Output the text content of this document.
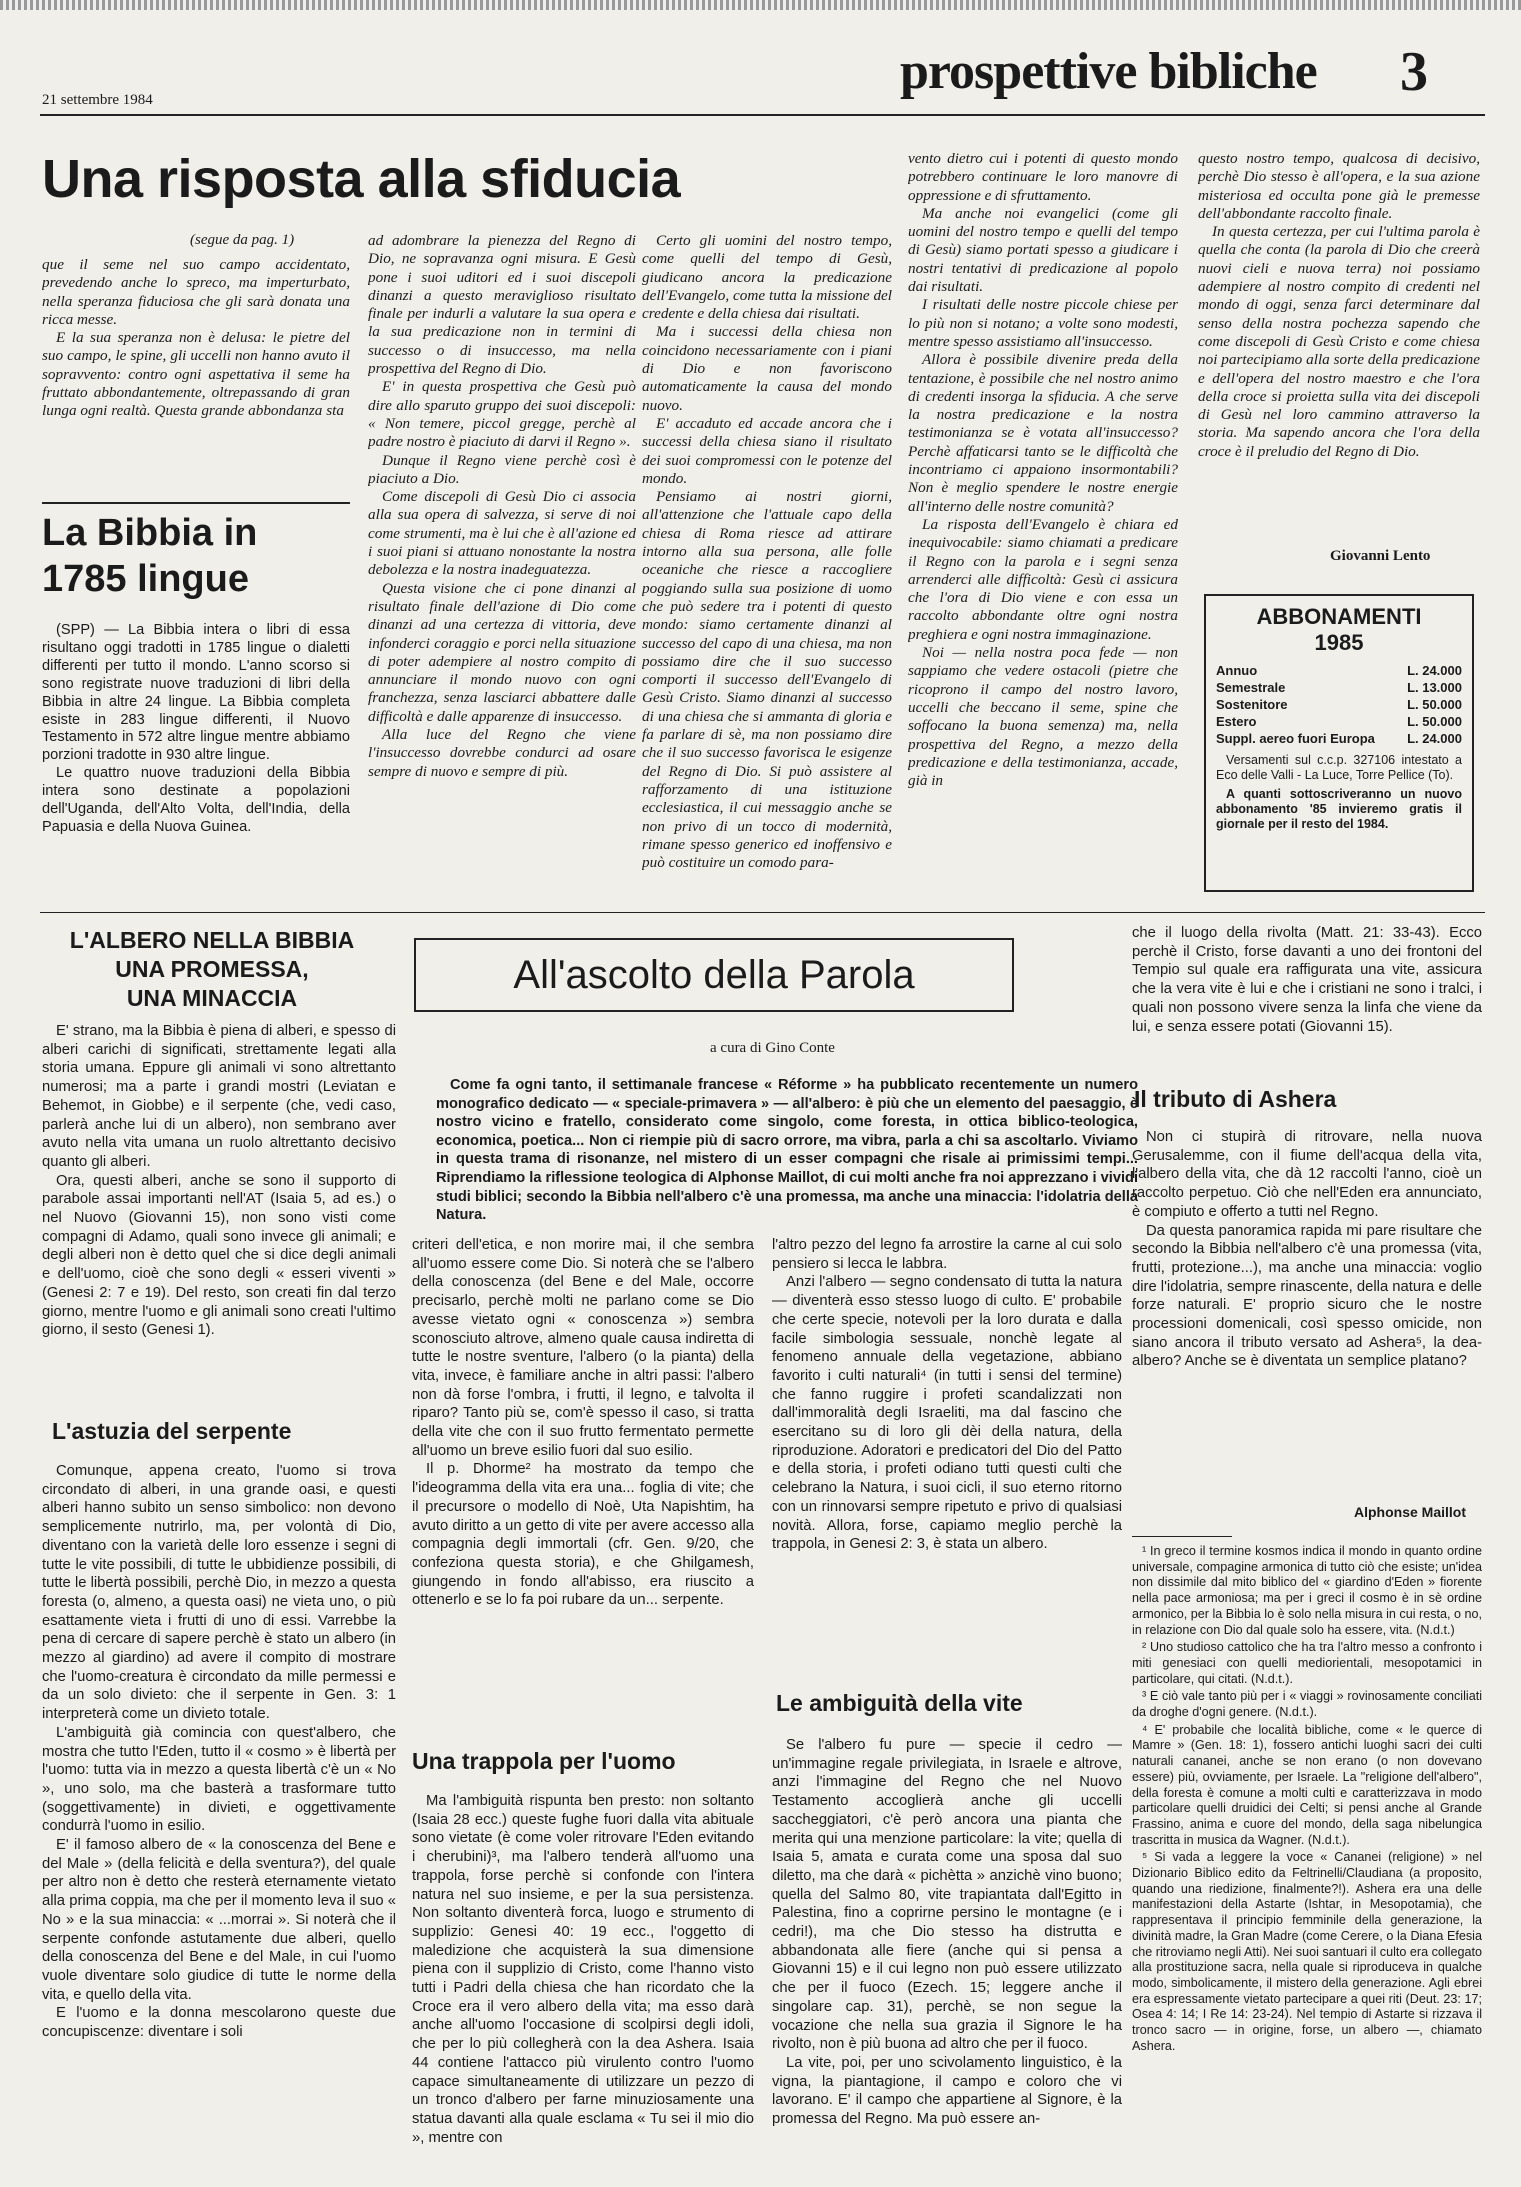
21 settembre 1984	prospettive bibliche 3
Una risposta alla sfiducia
(segue da pag. 1)

que il seme nel suo campo accidentato, prevedendo anche lo spreco, ma imperturbato, nella speranza fiduciosa che gli sarà donata una ricca messe.

E la sua speranza non è delusa: le pietre del suo campo, le spine, gli uccelli non hanno avuto il sopravvento: contro ogni aspettativa il seme ha fruttato abbondantemente, oltrepassando di gran lunga ogni realtà. Questa grande abbondanza sta

ad adombrare la pienezza del Regno di Dio, ne sopravanza ogni misura. E Gesù pone i suoi uditori ed i suoi discepoli dinanzi a questo meraviglioso risultato finale per indurli a valutare la sua opera e la sua predicazione non in termini di successo o di insuccesso, ma nella prospettiva del Regno di Dio.

E' in questa prospettiva che Gesù può dire allo sparuto gruppo dei suoi discepoli: « Non temere, piccol gregge, perchè al padre nostro è piaciuto di darvi il Regno ».

Dunque il Regno viene perchè così è piaciuto a Dio.

Come discepoli di Gesù Dio ci associa alla sua opera di salvezza, si serve di noi come strumenti, ma è lui che è all'azione ed i suoi piani si attuano nonostante la nostra debolezza e la nostra inadeguatezza.

Questa visione che ci pone dinanzi al risultato finale dell'azione di Dio come dinanzi ad una certezza di vittoria, deve infonderci coraggio e porci nella situazione di poter adempiere al nostro compito di annunciare il mondo nuovo con ogni franchezza, senza lasciarci abbattere dalle difficoltà e dalle apparenze di insuccesso.

Alla luce del Regno che viene l'insuccesso dovrebbe condurci ad osare sempre di nuovo e sempre di più.

Certo gli uomini del nostro tempo, come quelli del tempo di Gesù, giudicano ancora la predicazione dell'Evangelo, come tutta la missione del credente e della chiesa dai risultati.

Ma i successi della chiesa non coincidono necessariamente con i piani di Dio e non favoriscono automaticamente la causa del mondo nuovo.

E' accaduto ed accade ancora che i successi della chiesa siano il risultato dei suoi compromessi con le potenze del mondo.

Pensiamo ai nostri giorni, all'attenzione che l'attuale capo della chiesa di Roma riesce ad attirare intorno alla sua persona, alle folle oceaniche che riesce a raccogliere poggiando sulla sua posizione di uomo che può sedere tra i potenti di questo mondo: siamo certamente dinanzi al successo del capo di una chiesa, ma non possiamo dire che il suo successo comporti il successo dell'Evangelo di Gesù Cristo. Siamo dinanzi al successo di una chiesa che si ammanta di gloria e fa parlare di sè, ma non possiamo dire che il suo successo favorisca le esigenze del Regno di Dio. Si può assistere al rafforzamento di una istituzione ecclesiastica, il cui messaggio anche se non privo di un tocco di modernità, rimane spesso generico ed inoffensivo e può costituire un comodo para-

vento dietro cui i potenti di questo mondo potrebbero continuare le loro manovre di oppressione e di sfruttamento.

Ma anche noi evangelici (come gli uomini del nostro tempo e quelli del tempo di Gesù) siamo portati spesso a giudicare i nostri tentativi di predicazione al popolo dai risultati.

I risultati delle nostre piccole chiese per lo più non si notano; a volte sono modesti, mentre spesso assistiamo all'insuccesso.

Allora è possibile divenire preda della tentazione, è possibile che nel nostro animo di credenti insorga la sfiducia. A che serve la nostra predicazione e la nostra testimonianza se è votata all'insuccesso? Perchè affaticarsi tanto se le difficoltà che incontriamo ci appaiono insormontabili? Non è meglio spendere le nostre energie all'interno delle nostre comunità?

La risposta dell'Evangelo è chiara ed inequivocabile: siamo chiamati a predicare il Regno con la parola e i segni senza arrenderci alle difficoltà: Gesù ci assicura che l'ora di Dio viene e con essa un raccolto abbondante oltre ogni nostra preghiera e ogni nostra immaginazione.

Noi — nella nostra poca fede — non sappiamo che vedere ostacoli (pietre che ricoprono il campo del nostro lavoro, uccelli che beccano il seme, spine che soffocano la buona semenza) ma, nella prospettiva del Regno, a mezzo della predicazione e della testimonianza, accade, già in

questo nostro tempo, qualcosa di decisivo, perchè Dio stesso è all'opera, e la sua azione misteriosa ed occulta pone già le premesse dell'abbondante raccolto finale.

In questa certezza, per cui l'ultima parola è quella che conta (la parola di Dio che creerà nuovi cieli e nuova terra) noi possiamo adempiere al nostro compito di credenti nel mondo di oggi, senza farci determinare dal senso della nostra pochezza sapendo che come discepoli di Gesù Cristo e come chiesa noi partecipiamo alla sorte della predicazione e dell'opera del nostro maestro e che l'ora della croce si proietta sulla vita dei discepoli di Gesù nel loro cammino attraverso la storia. Ma sapendo ancora che l'ora della croce è il preludio del Regno di Dio.

Giovanni Lento
La Bibbia in
1785 lingue

(SPP) — La Bibbia intera o libri di essa risultano oggi tradotti in 1785 lingue o dialetti differenti per tutto il mondo. L'anno scorso si sono registrate nuove traduzioni di libri della Bibbia in altre 24 lingue. La Bibbia completa esiste in 283 lingue differenti, il Nuovo Testamento in 572 altre lingue mentre abbiamo porzioni tradotte in 930 altre lingue.

Le quattro nuove traduzioni della Bibbia intera sono destinate a popolazioni dell'Uganda, dell'Alto Volta, dell'India, della Papuasia e della Nuova Guinea.

ABBONAMENTI
1985
Annuo	L. 24.000
Semestrale	L. 13.000
Sostenitore	L. 50.000
Estero	L. 50.000
Suppl. aereo fuori Europa L. 24.000
Versamenti sul c.c.p. 327106 intestato a Eco delle Valli - La Luce, Torre Pellice (To).
A quanti sottoscriveranno un nuovo abbonamento '85 invieremo gratis il giornale per il resto del 1984.
L'ALBERO NELLA BIBBIA
UNA PROMESSA,
UNA MINACCIA

E' strano, ma la Bibbia è piena di alberi, e spesso di alberi carichi di significati, strettamente legati alla storia umana. Eppure gli animali vi sono altrettanto numerosi; ma a parte i grandi mostri (Leviatan e Behemot, in Giobbe) e il serpente (che, vedi caso, parlerà anche lui di un albero), non sembrano aver avuto nella vita umana un ruolo altrettanto decisivo quanto gli alberi.

Ora, questi alberi, anche se sono il supporto di parabole assai importanti nell'AT (Isaia 5, ad es.) o nel Nuovo (Giovanni 15), non sono visti come compagni di Adamo, quali sono invece gli animali; e degli alberi non è detto quel che si dice degli animali e dell'uomo, cioè che sono degli « esseri viventi » (Genesi 2: 7 e 19). Del resto, son creati fin dal terzo giorno, mentre l'uomo e gli animali sono creati l'ultimo giorno, il sesto (Genesi 1).

L'astuzia del serpente

Comunque, appena creato, l'uomo si trova circondato di alberi, in una grande oasi, e questi alberi hanno subito un senso simbolico: non devono semplicemente nutrirlo, ma, per volontà di Dio, diventano con la varietà delle loro essenze i segni di tutte le vite possibili, di tutte le ubbidienze possibili, di tutte le libertà possibili, perchè Dio, in mezzo a questa foresta (o, almeno, a questa oasi) ne vieta uno, o più esattamente vieta i frutti di uno di essi. Varrebbe la pena di cercare di sapere perchè è stato un albero (in mezzo al giardino) ad avere il compito di mostrare che l'uomo-creatura è circondato da mille permessi e da un solo divieto: che il serpente in Gen. 3: 1 interpreterà come un divieto totale.

L'ambiguità già comincia con quest'albero, che mostra che tutto l'Eden, tutto il « cosmo » è libertà per l'uomo: tutta via in mezzo a questa libertà c'è un « No », uno solo, ma che basterà a trasformare tutto (soggettivamente) in divieti, e oggettivamente condurrà l'uomo in esilio.

E' il famoso albero de « la conoscenza del Bene e del Male » (della felicità e della sventura?), del quale per altro non è detto che resterà eternamente vietato alla prima coppia, ma che per il momento leva il suo « No » e la sua minaccia: « ...morrai ». Si noterà che il serpente confonde astutamente due alberi, quello della conoscenza del Bene e del Male, in cui l'uomo vuole diventare solo giudice di tutte le norme della vita, e quello della vita.

E l'uomo e la donna mescolarono queste due concupiscenze: diventare i soli

All'ascolto della Parola
a cura di Gino Conte

Come fa ogni tanto, il settimanale francese « Réforme » ha pubblicato recentemente un numero monografico dedicato — « speciale-primavera » — all'albero: è più che un elemento del paesaggio, è nostro vicino e fratello, considerato come singolo, come foresta, in ottica biblico-teologica, economica, poetica... Non ci riempie più di sacro orrore, ma vibra, parla a chi sa ascoltarlo. Viviamo in questa trama di risonanze, nel mistero di un esser compagni che risale ai primissimi tempi... Riprendiamo la riflessione teologica di Alphonse Maillot, di cui molti anche fra noi apprezzano i vividi studi biblici; secondo la Bibbia nell'albero c'è una promessa, ma anche una minaccia: l'idolatria della Natura.

criteri dell'etica, e non morire mai, il che sembra all'uomo essere come Dio. Si noterà che se l'albero della conoscenza (del Bene e del Male, occorre precisarlo, perchè molti ne parlano come se Dio avesse vietato ogni « conoscenza ») sembra sconosciuto altrove, almeno quale causa indiretta di tutte le nostre sventure, l'albero (o la pianta) della vita, invece, è familiare anche in altri passi: l'albero non dà forse l'ombra, i frutti, il legno, e talvolta il riparo? Tanto più se, com'è spesso il caso, si tratta della vite che con il suo frutto fermentato permette all'uomo un breve esilio fuori dal suo esilio.

Il p. Dhorme² ha mostrato da tempo che l'ideogramma della vita era una... foglia di vite; che il precursore o modello di Noè, Uta Napishtim, ha avuto diritto a un getto di vite per avere accesso alla compagnia degli immortali (cfr. Gen. 9/20, che confeziona questa storia), e che Ghilgamesh, giungendo in fondo all'abisso, era riuscito a ottenerlo e se lo fa poi rubare da un... serpente.

Una trappola per l'uomo

Ma l'ambiguità rispunta ben presto: non soltanto (Isaia 28 ecc.) queste fughe fuori dalla vita abituale sono vietate (è come voler ritrovare l'Eden evitando i cherubini)³, ma l'albero tenderà all'uomo una trappola, forse perchè si confonde con l'intera natura nel suo insieme, e per la sua persistenza. Non soltanto diventerà forca, luogo e strumento di supplizio: Genesi 40: 19 ecc., l'oggetto di maledizione che acquisterà la sua dimensione piena con il supplizio di Cristo, come l'hanno visto tutti i Padri della chiesa che han ricordato che la Croce era il vero albero della vita; ma esso darà anche all'uomo l'occasione di scolpirsi degli idoli, che per lo più collegherà con la dea Ashera. Isaia 44 contiene l'attacco più virulento contro l'uomo capace simultaneamente di utilizzare un pezzo di un tronco d'albero per farne minuziosamente una statua davanti alla quale esclama « Tu sei il mio dio », mentre con

l'altro pezzo del legno fa arrostire la carne al cui solo pensiero si lecca le labbra.

Anzi l'albero — segno condensato di tutta la natura — diventerà esso stesso luogo di culto. E' probabile che certe specie, notevoli per la loro durata e dalla facile simbologia sessuale, nonchè legate al fenomeno annuale della vegetazione, abbiano favorito i culti naturali⁴ (in tutti i sensi del termine) che fanno ruggire i profeti scandalizzati non dall'immoralità degli Israeliti, ma dal fascino che esercitano su di loro gli dèi della natura, della riproduzione. Adoratori e predicatori del Dio del Patto e della storia, i profeti odiano tutti questi culti che celebrano la Natura, i suoi cicli, il suo eterno ritorno con un rinnovarsi sempre ripetuto e privo di qualsiasi novità. Allora, forse, capiamo meglio perchè la trappola, in Genesi 2: 3, è stata un albero.

Le ambiguità della vite

Se l'albero fu pure — specie il cedro — un'immagine regale privilegiata, in Israele e altrove, anzi l'immagine del Regno che nel Nuovo Testamento accoglierà anche gli uccelli saccheggiatori, c'è però ancora una pianta che merita qui una menzione particolare: la vite; quella di Isaia 5, amata e curata come una sposa dal suo diletto, ma che darà « pichètta » anzichè vino buono; quella del Salmo 80, vite trapiantata dall'Egitto in Palestina, fino a coprirne persino le montagne (e i cedri!), ma che Dio stesso ha distrutta e abbandonata alle fiere (anche qui si pensa a Giovanni 15) e il cui legno non può essere utilizzato che per il fuoco (Ezech. 15; leggere anche il singolare cap. 31), perchè, se non segue la vocazione che nella sua grazia il Signore le ha rivolto, non è più buona ad altro che per il fuoco.

La vite, poi, per uno scivolamento linguistico, è la vigna, la piantagione, il campo e coloro che vi lavorano. E' il campo che appartiene al Signore, è la promessa del Regno. Ma può essere an-

che il luogo della rivolta (Matt. 21: 33-43). Ecco perchè il Cristo, forse davanti a uno dei frontoni del Tempio sul quale era raffigurata una vite, assicura che la vera vite è lui e che i cristiani ne sono i tralci, i quali non possono vivere senza la linfa che viene da lui, e senza essere potati (Giovanni 15).

Il tributo di Ashera

Non ci stupirà di ritrovare, nella nuova Gerusalemme, con il fiume dell'acqua della vita, l'albero della vita, che dà 12 raccolti l'anno, cioè un raccolto perpetuo. Ciò che nell'Eden era annunciato, è compiuto e offerto a tutti nel Regno.

Da questa panoramica rapida mi pare risultare che secondo la Bibbia nell'albero c'è una promessa (vita, frutti, protezione...), ma anche una minaccia: voglio dire l'idolatria, sempre rinascente, della natura e delle forze naturali. E' proprio sicuro che le nostre processioni domenicali, così spesso omicide, non siano ancora il tributo versato ad Ashera⁵, la dea-albero? Anche se è diventata un semplice platano?

Alphonse Maillot

¹ In greco il termine kosmos indica il mondo in quanto ordine universale, compagine armonica di tutto ciò che esiste; un'idea non dissimile dal mito biblico del « giardino d'Eden » fiorente nella pace armoniosa; ma per i greci il cosmo è in sè ordine armonico, per la Bibbia lo è solo nella misura in cui resta, o no, in relazione con Dio dal quale solo ha essere, vita. (N.d.t.)

² Uno studioso cattolico che ha tra l'altro messo a confronto i miti genesiaci con quelli mediorientali, mesopotamici in particolare, qui citati. (N.d.t.).

³ E ciò vale tanto più per i « viaggi » rovinosamente conciliati da droghe d'ogni genere. (N.d.t.).

⁴ E' probabile che località bibliche, come « le querce di Mamre » (Gen. 18: 1), fossero antichi luoghi sacri dei culti naturali cananei, anche se non erano (o non dovevano essere) più, ovviamente, per Israele. La "religione dell'albero", della foresta è comune a molti culti e caratterizzava in modo particolare quelli druidici dei Celti; si pensi anche al Grande Frassino, anima e cuore del mondo, della saga nibelungica trascritta in musica da Wagner. (N.d.t.).

⁵ Si vada a leggere la voce « Cananei (religione) » nel Dizionario Biblico edito da Feltrinelli/Claudiana (a proposito, quando una riedizione, finalmente?!). Ashera era una delle manifestazioni della Astarte (Ishtar, in Mesopotamia), che rappresentava il principio femminile della generazione, la divinità madre, la Gran Madre (come Cerere, o la Diana Efesia che ritroviamo negli Atti). Nei suoi santuari il culto era collegato alla prostituzione sacra, nella quale si riproduceva in qualche modo, simbolicamente, il mistero della generazione. Agli ebrei era espressamente vietato partecipare a quei riti (Deut. 23: 17; Osea 4: 14; I Re 14: 23-24). Nel tempio di Astarte si rizzava il tronco sacro — in origine, forse, un albero —, chiamato Ashera.
